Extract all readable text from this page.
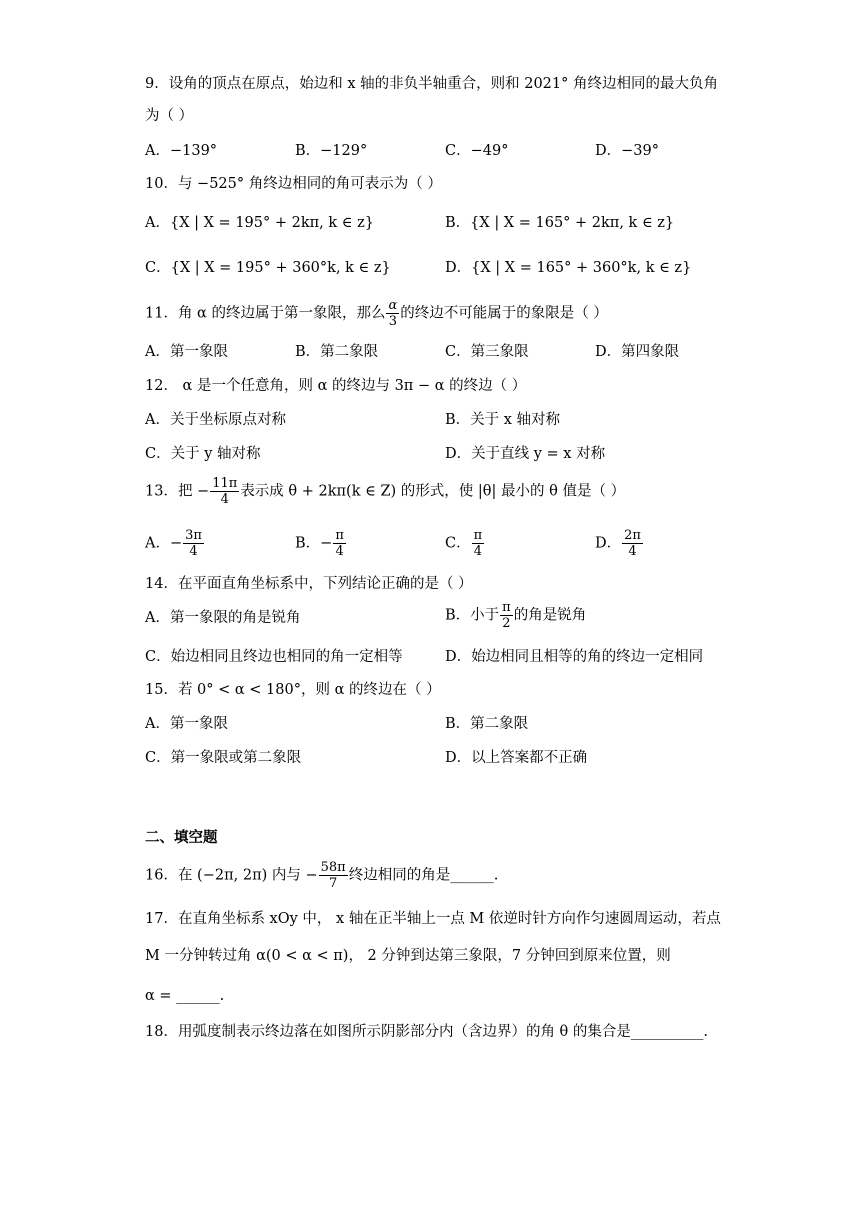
9．设角的顶点在原点，始边和 x 轴的非负半轴重合，则和 2021° 角终边相同的最大负角
为（ ）
A．−139°	B．−129°	C．−49°	D．−39°
10．与 −525° 角终边相同的角可表示为（ ）
A．{X | X = 195° + 2kπ, k ∈ z}	B．{X | X = 165° + 2kπ, k ∈ z}
C．{X | X = 195° + 360°k, k ∈ z}	D．{X | X = 165° + 360°k, k ∈ z}
11．角 α 的终边属于第一象限，那么 $\frac{\alpha}{3}$ 的终边不可能属于的象限是（ ）
A．第一象限	B．第二象限	C．第三象限	D．第四象限
12． α 是一个任意角，则 α 的终边与 3π − α 的终边（ ）
A．关于坐标原点对称	B．关于 x 轴对称
C．关于 y 轴对称	D．关于直线 y = x 对称
13．把 − $\frac{11\pi}{4}$ 表示成 θ + 2kπ(k ∈ Z) 的形式，使 |θ| 最小的 θ 值是（ ）
A．− $\frac{3\pi}{4}$	B．− $\frac{\pi}{4}$	C． $\frac{\pi}{4}$	D． $\frac{2\pi}{4}$
14．在平面直角坐标系中，下列结论正确的是（ ）
A．第一象限的角是锐角	B．小于 $\frac{\pi}{2}$ 的角是锐角
C．始边相同且终边也相同的角一定相等	D．始边相同且相等的角的终边一定相同
15．若 0° < α < 180°，则 α 的终边在（ ）
A．第一象限	B．第二象限
C．第一象限或第二象限	D．以上答案都不正确
二、填空题
16．在 (−2π, 2π) 内与 − $\frac{58\pi}{7}$ 终边相同的角是______.
17．在直角坐标系 xOy 中， x 轴在正半轴上一点 M 依逆时针方向作匀速圆周运动，若点
M 一分钟转过角 α(0 < α < π)， 2 分钟到达第三象限，7 分钟回到原来位置，则
α = ______.
18．用弧度制表示终边落在如图所示阴影部分内（含边界）的角 θ 的集合是__________.
